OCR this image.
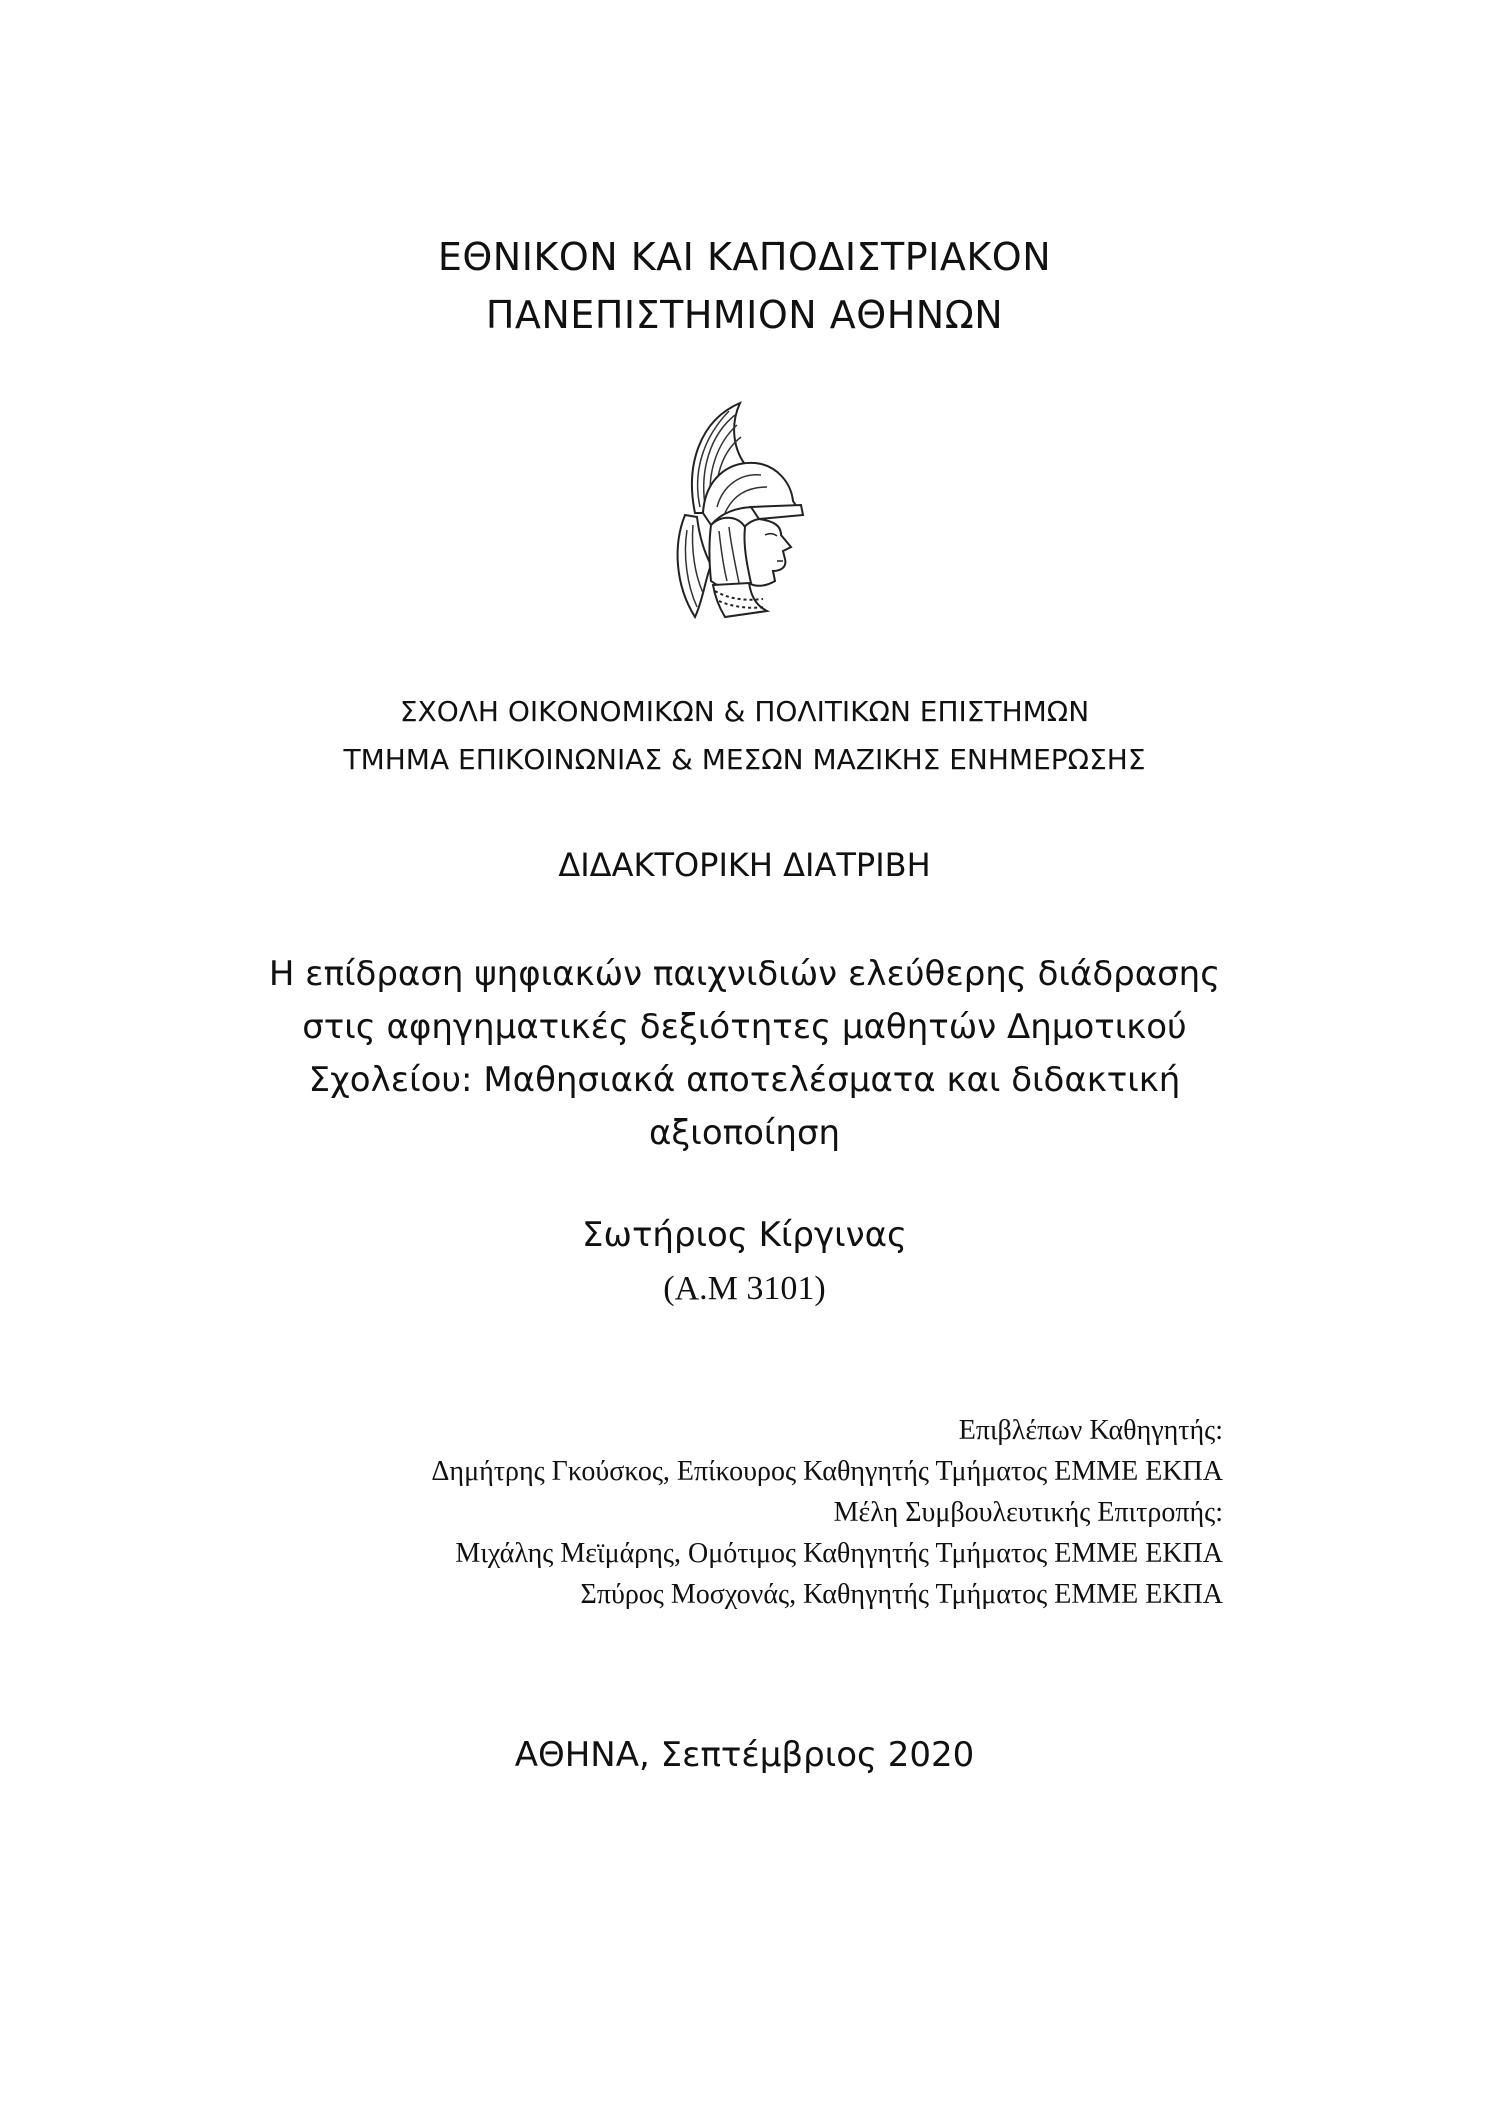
ΕΘΝΙΚΟΝ ΚΑΙ ΚΑΠΟΔΙΣΤΡΙΑΚΟΝ
ΠΑΝΕΠΙΣΤΗΜΙΟΝ ΑΘΗΝΩΝ
ΣΧΟΛΗ ΟΙΚΟΝΟΜΙΚΩΝ & ΠΟΛΙΤΙΚΩΝ ΕΠΙΣΤΗΜΩΝ
ΤΜΗΜΑ ΕΠΙΚΟΙΝΩΝΙΑΣ & ΜΕΣΩΝ ΜΑΖΙΚΗΣ ΕΝΗΜΕΡΩΣΗΣ
ΔΙΔΑΚΤΟΡΙΚΗ ΔΙΑΤΡΙΒΗ
Η επίδραση ψηφιακών παιχνιδιών ελεύθερης διάδρασης
στις αφηγηματικές δεξιότητες μαθητών Δημοτικού
Σχολείου: Μαθησιακά αποτελέσματα και διδακτική
αξιοποίηση
Σωτήριος Κίργινας
(Α.Μ 3101)
Επιβλέπων Καθηγητής:
Δημήτρης Γκούσκος, Επίκουρος Καθηγητής Τμήματος ΕΜΜΕ ΕΚΠΑ
Μέλη Συμβουλευτικής Επιτροπής:
Μιχάλης Μεϊμάρης, Ομότιμος Καθηγητής Τμήματος ΕΜΜΕ ΕΚΠΑ
Σπύρος Μοσχονάς, Καθηγητής Τμήματος ΕΜΜΕ ΕΚΠΑ
ΑΘΗΝΑ, Σεπτέμβριος 2020
